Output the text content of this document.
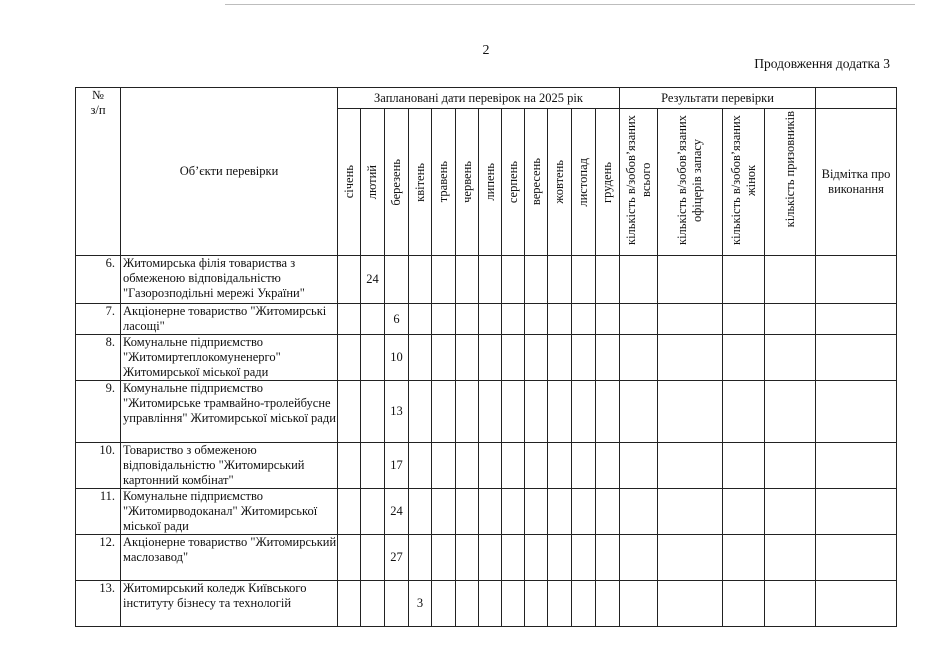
2
Продовження додатка 3
№
з/п	Об’єкти перевірки	Заплановані дати перевірок на 2025 рік												Результати перевірки				

		січень	лютий	березень	квітень	травень	червень	липень	серпень	вересень	жовтень	листопад	грудень	кількість в/зобов’язаних всього	кількість в/зобов’язаних офіцерів запасу	кількість в/зобов’язаних жінок	кількість призовників	Відмітка про виконання
6.	Житомирська філія товариства з обмеженою відповідальністю "Газорозподільні мережі України"		24															
7.	Акціонерне товариство "Житомирські ласощі"			6														
8.	Комунальне підприємство "Житомиртеплокомуненерго" Житомирської міської ради			10														
9.	Комунальне підприємство "Житомирське трамвайно-тролейбусне управління" Житомирської міської ради			13														
10.	Товариство з обмеженою відповідальністю "Житомирський картонний комбінат"			17														
11.	Комунальне підприємство "Житомирводоканал" Житомирської міської ради			24														
12.	Акціонерне товариство "Житомирський маслозавод"			27														
13.	Житомирський коледж Київського інституту бізнесу та технологій				3													
